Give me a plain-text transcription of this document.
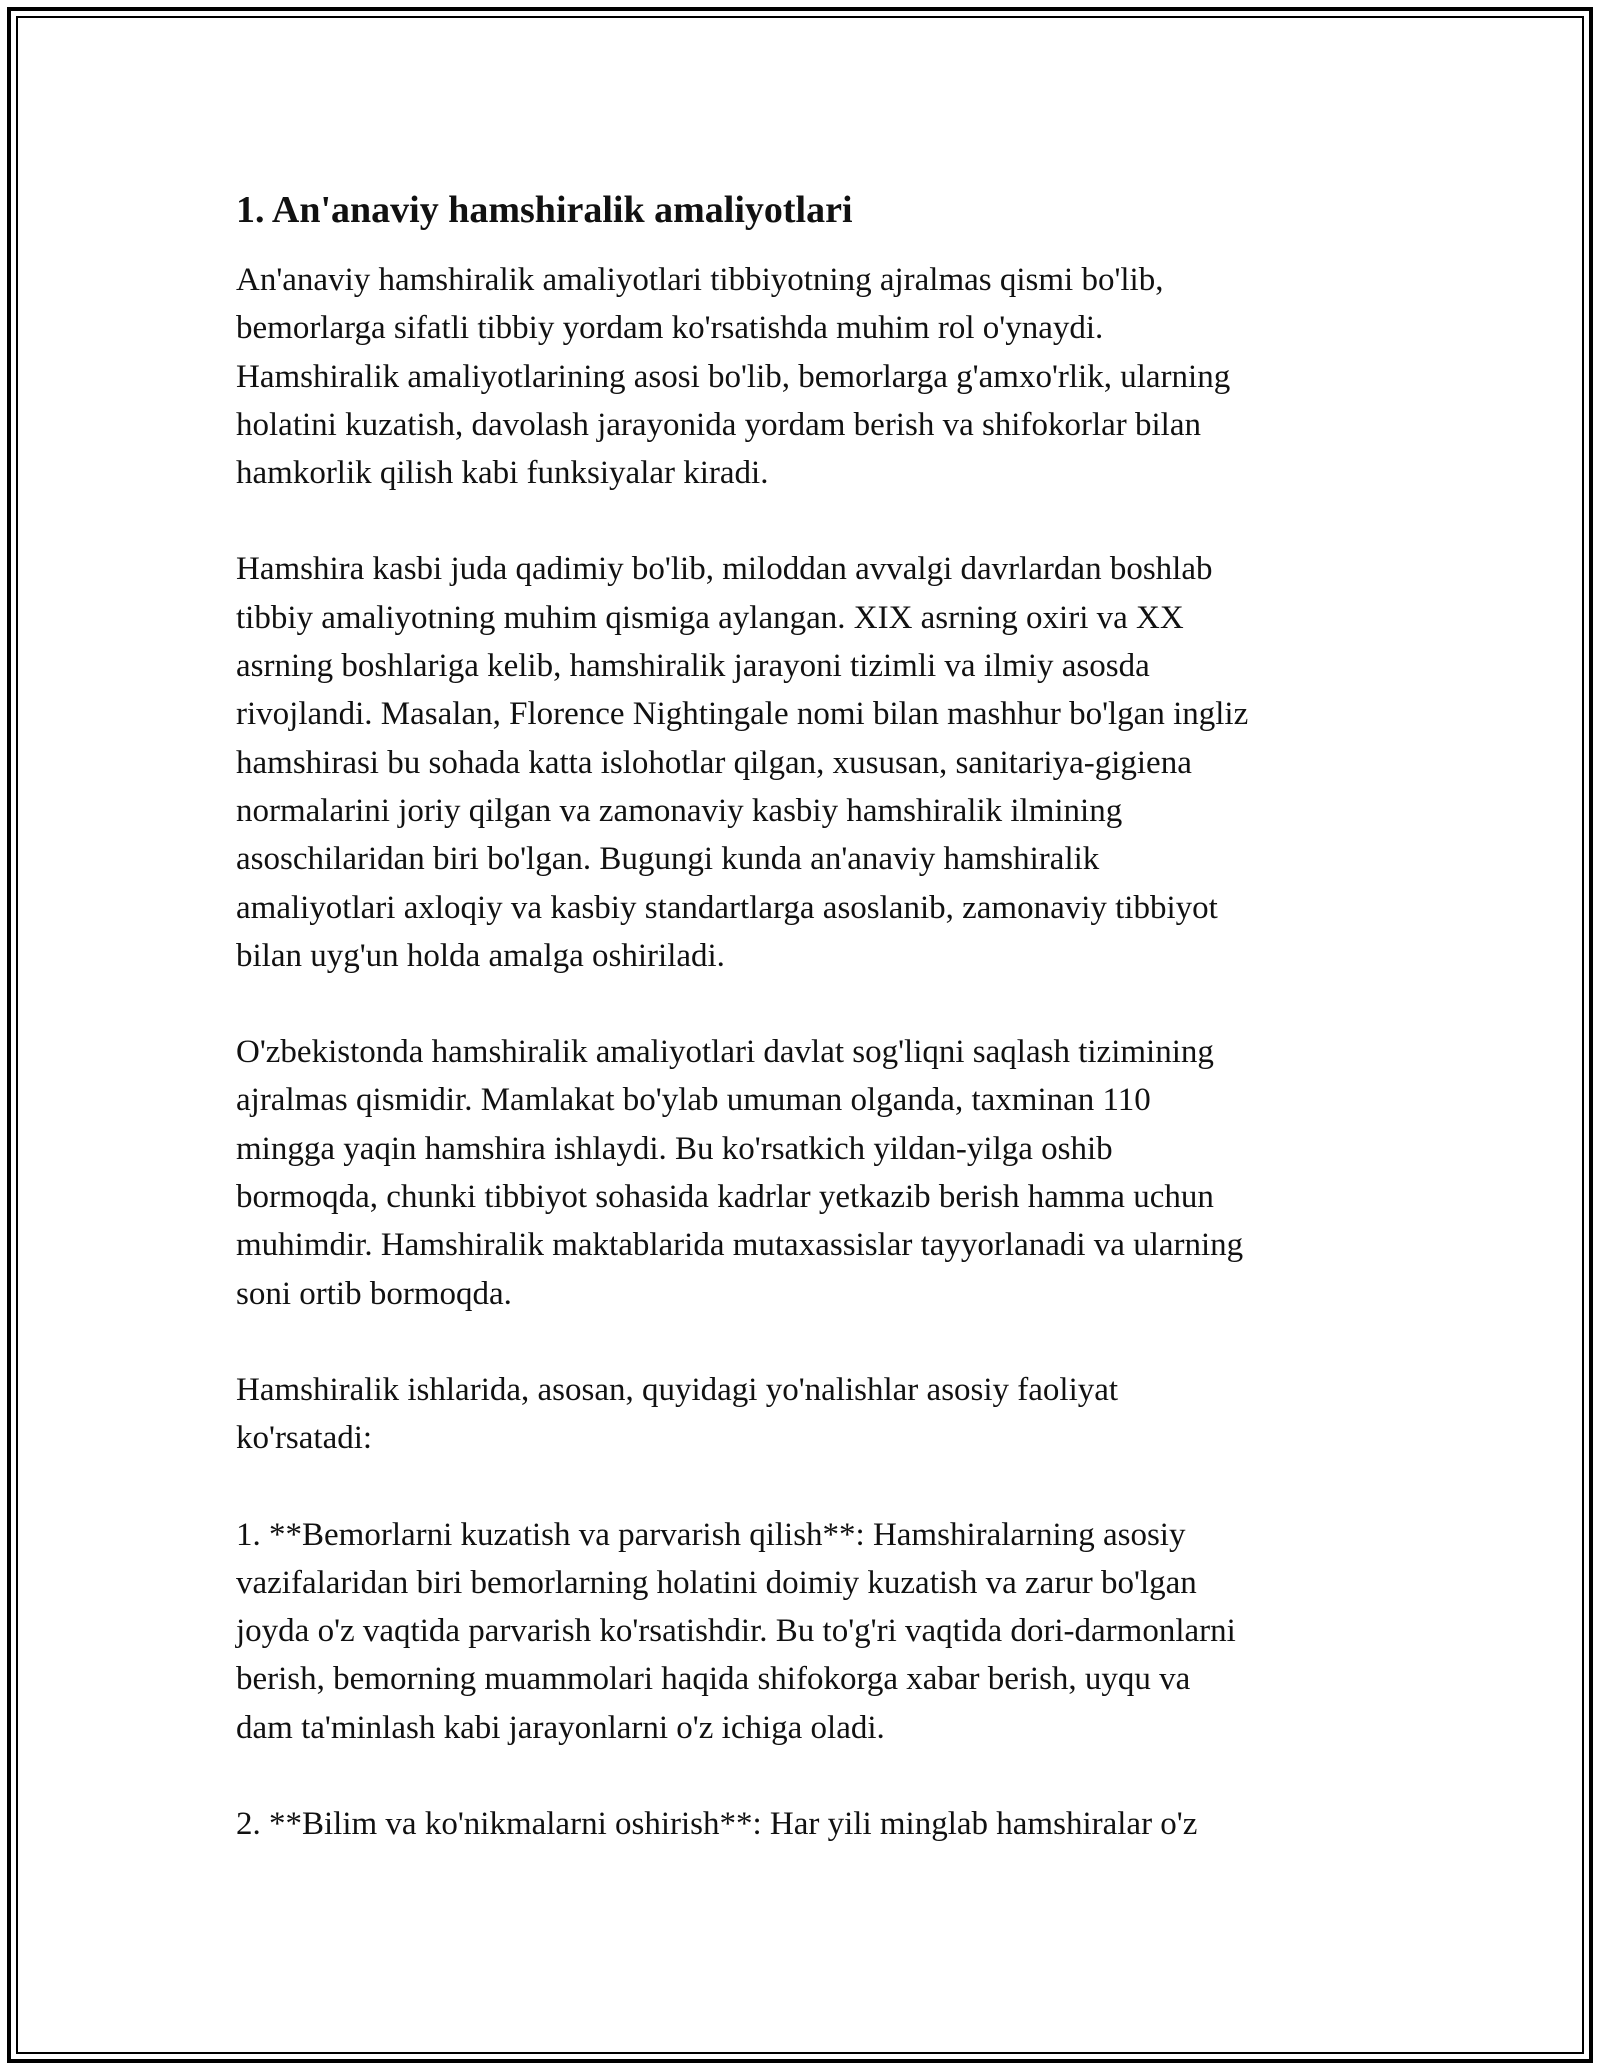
1. An'anaviy hamshiralik amaliyotlari
An'anaviy hamshiralik amaliyotlari tibbiyotning ajralmas qismi bo'lib,
bemorlarga sifatli tibbiy yordam ko'rsatishda muhim rol o'ynaydi.
Hamshiralik amaliyotlarining asosi bo'lib, bemorlarga g'amxo'rlik, ularning
holatini kuzatish, davolash jarayonida yordam berish va shifokorlar bilan
hamkorlik qilish kabi funksiyalar kiradi.
Hamshira kasbi juda qadimiy bo'lib, miloddan avvalgi davrlardan boshlab
tibbiy amaliyotning muhim qismiga aylangan. XIX asrning oxiri va XX
asrning boshlariga kelib, hamshiralik jarayoni tizimli va ilmiy asosda
rivojlandi. Masalan, Florence Nightingale nomi bilan mashhur bo'lgan ingliz
hamshirasi bu sohada katta islohotlar qilgan, xususan, sanitariya-gigiena
normalarini joriy qilgan va zamonaviy kasbiy hamshiralik ilmining
asoschilaridan biri bo'lgan. Bugungi kunda an'anaviy hamshiralik
amaliyotlari axloqiy va kasbiy standartlarga asoslanib, zamonaviy tibbiyot
bilan uyg'un holda amalga oshiriladi.
O'zbekistonda hamshiralik amaliyotlari davlat sog'liqni saqlash tizimining
ajralmas qismidir. Mamlakat bo'ylab umuman olganda, taxminan 110
mingga yaqin hamshira ishlaydi. Bu ko'rsatkich yildan-yilga oshib
bormoqda, chunki tibbiyot sohasida kadrlar yetkazib berish hamma uchun
muhimdir. Hamshiralik maktablarida mutaxassislar tayyorlanadi va ularning
soni ortib bormoqda.
Hamshiralik ishlarida, asosan, quyidagi yo'nalishlar asosiy faoliyat
ko'rsatadi:
1. **Bemorlarni kuzatish va parvarish qilish**: Hamshiralarning asosiy
vazifalaridan biri bemorlarning holatini doimiy kuzatish va zarur bo'lgan
joyda o'z vaqtida parvarish ko'rsatishdir. Bu to'g'ri vaqtida dori-darmonlarni
berish, bemorning muammolari haqida shifokorga xabar berish, uyqu va
dam ta'minlash kabi jarayonlarni o'z ichiga oladi.
2. **Bilim va ko'nikmalarni oshirish**: Har yili minglab hamshiralar o'z
